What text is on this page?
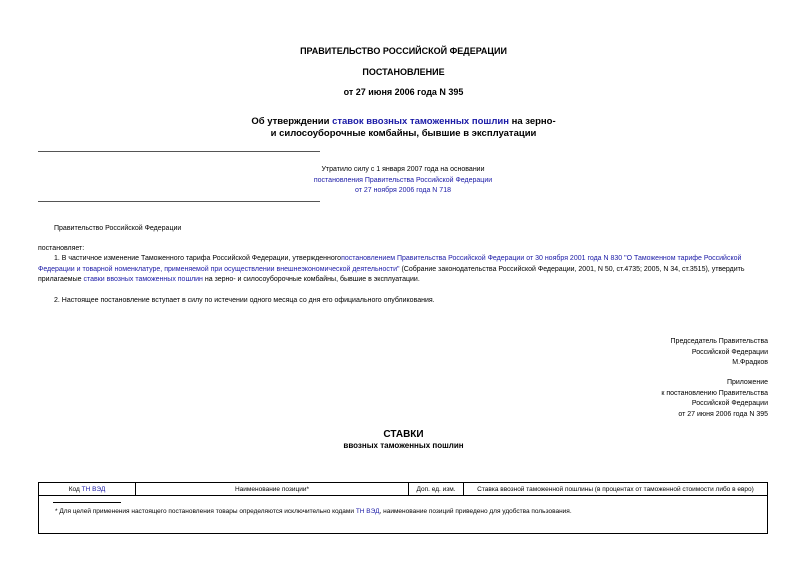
ПРАВИТЕЛЬСТВО РОССИЙСКОЙ ФЕДЕРАЦИИ
ПОСТАНОВЛЕНИЕ
от 27 июня 2006 года N 395
Об утверждении ставок ввозных таможенных пошлин на зерно-
и силосоуборочные комбайны, бывшие в эксплуатации
Утратило силу с 1 января 2007 года на основании
постановления Правительства Российской Федерации
от 27 ноября 2006 года N 718
Правительство Российской Федерации
постановляет:
1. В частичное изменение Таможенного тарифа Российской Федерации, утвержденногопостановлением Правительства Российской Федерации от 30 ноября 2001 года N 830 "О Таможенном тарифе Российской Федерации и товарной номенклатуре, применяемой при осуществлении внешнеэкономической деятельности" (Собрание законодательства Российской Федерации, 2001, N 50, ст.4735; 2005, N 34, ст.3515), утвердить прилагаемые ставки ввозных таможенных пошлин на зерно- и силосоуборочные комбайны, бывшие в эксплуатации.
2. Настоящее постановление вступает в силу по истечении одного месяца со дня его официального опубликования.
Председатель Правительства
Российской Федерации
М.Фрадков
Приложение
к постановлению Правительства
Российской Федерации
от 27 июня 2006 года N 395
СТАВКИ
ввозных таможенных пошлин
Код ТН ВЭД	Наименование позиции*	Доп. ед. изм.	Ставка ввозной таможенной пошлины (в процентах от таможенной стоимости либо в евро)

* Для целей применения настоящего постановления товары определяются исключительно кодами ТН ВЭД, наименование позиций приведено для удобства пользования.
